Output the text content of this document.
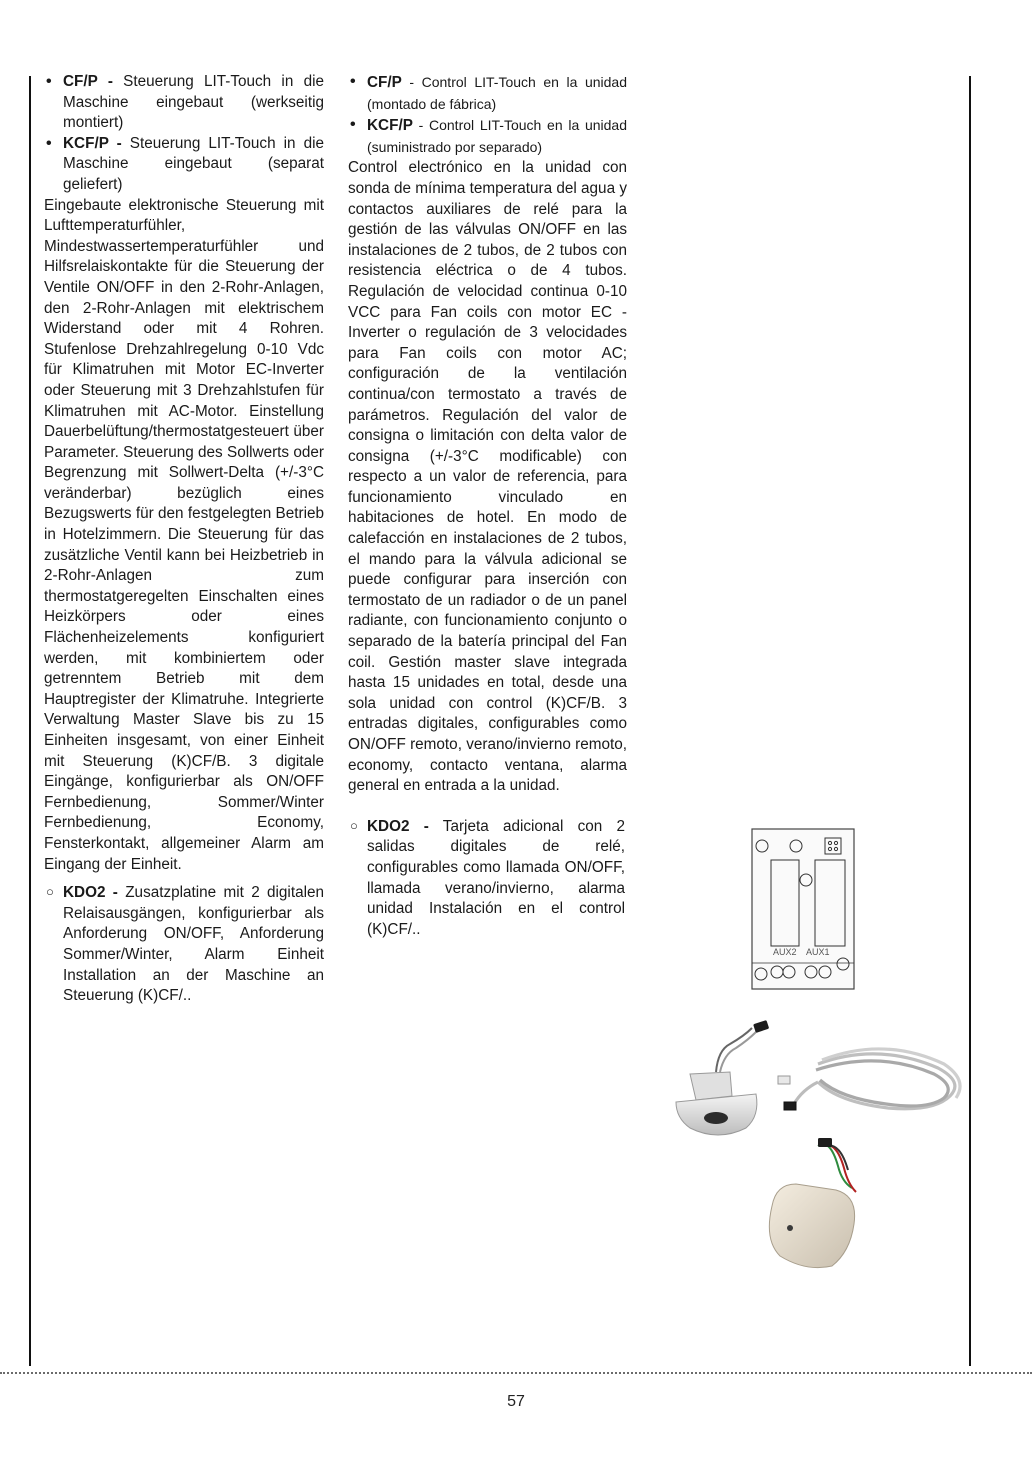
• CF/P - Steuerung LIT-Touch in die Maschine eingebaut (werkseitig montiert)
• KCF/P - Steuerung LIT-Touch in die Maschine eingebaut (separat geliefert)

Eingebaute elektronische Steuerung mit Lufttemperaturfühler, Mindestwassertemperaturfühler und Hilfsrelaiskontakte für die Steuerung der Ventile ON/OFF in den 2-Rohr-Anlagen, den 2-Rohr-Anlagen mit elektrischem Widerstand oder mit 4 Rohren. Stufenlose Drehzahlregelung 0-10 Vdc für Klimatruhen mit Motor EC-Inverter oder Steuerung mit 3 Drehzahlstufen für Klimatruhen mit AC-Motor. Einstellung Dauerbelüftung/thermostatgesteuert über Parameter. Steuerung des Sollwerts oder Begrenzung mit Sollwert-Delta (+/-3°C veränderbar) bezüglich eines Bezugswerts für den festgelegten Betrieb in Hotelzimmern. Die Steuerung für das zusätzliche Ventil kann bei Heizbetrieb in 2-Rohr-Anlagen zum thermostatgeregelten Einschalten eines Heizkörpers oder eines Flächenheizelements konfiguriert werden, mit kombiniertem oder getrenntem Betrieb mit dem Hauptregister der Klimatruhe. Integrierte Verwaltung Master Slave bis zu 15 Einheiten insgesamt, von einer Einheit mit Steuerung (K)CF/B. 3 digitale Eingänge, konfigurierbar als ON/OFF Fernbedienung, Sommer/Winter Fernbedienung, Economy, Fensterkontakt, allgemeiner Alarm am Eingang der Einheit.

○ KDO2 - Zusatzplatine mit 2 digitalen Relaisausgängen, konfigurierbar als Anforderung ON/OFF, Anforderung Sommer/Winter, Alarm Einheit Installation an der Maschine an Steuerung (K)CF/..
• CF/P - Control LIT-Touch en la unidad (montado de fábrica)
• KCF/P - Control LIT-Touch en la unidad (suministrado por separado)

Control electrónico en la unidad con sonda de mínima temperatura del agua y contactos auxiliares de relé para la gestión de las válvulas ON/OFF en las instalaciones de 2 tubos, de 2 tubos con resistencia eléctrica o de 4 tubos. Regulación de velocidad continua 0-10 VCC para Fan coils con motor EC - Inverter o regulación de 3 velocidades para Fan coils con motor AC; configuración de la ventilación continua/con termostato a través de parámetros. Regulación del valor de consigna o limitación con delta valor de consigna (+/-3°C modificable) con respecto a un valor de referencia, para funcionamiento vinculado en habitaciones de hotel. En modo de calefacción en instalaciones de 2 tubos, el mando para la válvula adicional se puede configurar para inserción con termostato de un radiador o de un panel radiante, con funcionamiento conjunto o separado de la batería principal del Fan coil. Gestión master slave integrada hasta 15 unidades en total, desde una sola unidad con control (K)CF/B. 3 entradas digitales, configurables como ON/OFF remoto, verano/invierno remoto, economy, contacto ventana, alarma general en entrada a la unidad.

○ KDO2 - Tarjeta adicional con 2 salidas digitales de relé, configurables como llamada ON/OFF, llamada verano/invierno, alarma unidad Instalación en el control (K)CF/..
AUX2 AUX1
57
